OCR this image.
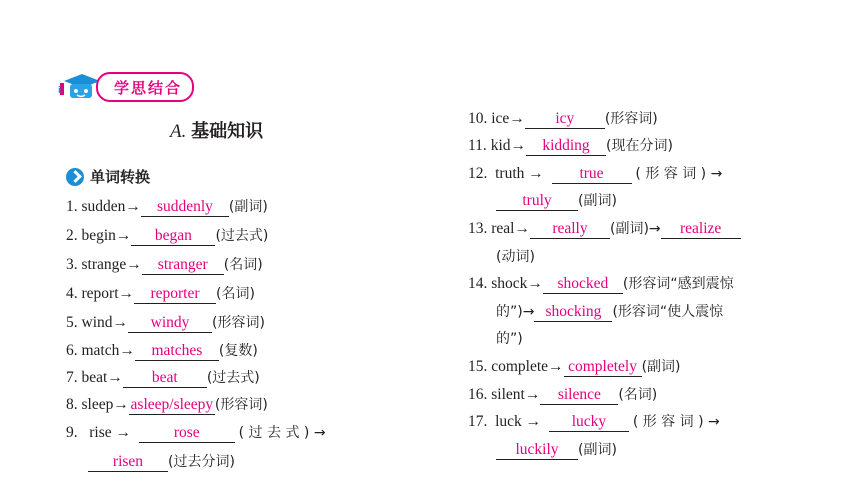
i	学思结合
A. 基础知识
单词转换
1.
sudden→	suddenly	(副词)
2.
begin→	began	(过去式)
3.
strange→	stranger	(名词)
4.
report→	reporter	(名词)
5.
wind→	windy	(形容词)
6.
match→	matches	(复数)
7.
beat→	beat	(过去式)
8.
sleep→ asleep/sleepy (形容词)
9.
rise →
	rose
	( 过 去 式 ) →
risen	(过去分词)
10.
ice→	icy	(形容词)
11.
kid→	kidding	(现在分词)
12.
truth →
	true
	( 形 容 词 ) →
truly	(副词)
13.
real→	really	(副词)→	realize
(动词)
14.
shock→ shocked	(形容词“感到震惊
的”)→ shocking (形容词“使人震惊
的”)
15.
complete→ completely (副词)
16.
silent→	silence	(名词)
17.
luck →
	lucky
	( 形 容 词 ) →
luckily	(副词)
